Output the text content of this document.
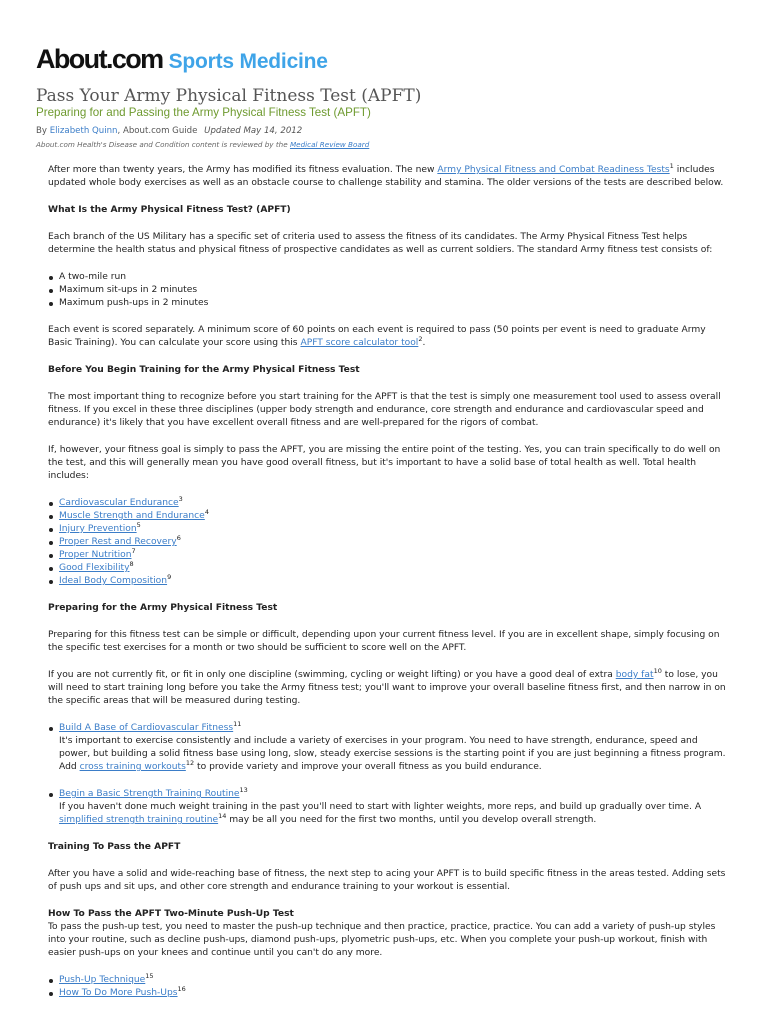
About.com Sports Medicine
Pass Your Army Physical Fitness Test (APFT)
Preparing for and Passing the Army Physical Fitness Test (APFT)
By Elizabeth Quinn, About.com Guide Updated May 14, 2012
About.com Health's Disease and Condition content is reviewed by the Medical Review Board

After more than twenty years, the Army has modified its fitness evaluation. The new Army Physical Fitness and Combat Readiness Tests$^1$ includes updated whole body exercises as well as an obstacle course to challenge stability and stamina. The older versions of the tests are described below.

What Is the Army Physical Fitness Test? (APFT)

Each branch of the US Military has a specific set of criteria used to assess the fitness of its candidates. The Army Physical Fitness Test helps determine the health status and physical fitness of prospective candidates as well as current soldiers. The standard Army fitness test consists of:

A two-mile run
Maximum sit-ups in 2 minutes
Maximum push-ups in 2 minutes

Each event is scored separately. A minimum score of 60 points on each event is required to pass (50 points per event is need to graduate Army Basic Training). You can calculate your score using this APFT score calculator tool$^2$.

Before You Begin Training for the Army Physical Fitness Test

The most important thing to recognize before you start training for the APFT is that the test is simply one measurement tool used to assess overall fitness. If you excel in these three disciplines (upper body strength and endurance, core strength and endurance and cardiovascular speed and endurance) it's likely that you have excellent overall fitness and are well-prepared for the rigors of combat.

If, however, your fitness goal is simply to pass the APFT, you are missing the entire point of the testing. Yes, you can train specifically to do well on the test, and this will generally mean you have good overall fitness, but it's important to have a solid base of total health as well. Total health includes:

Cardiovascular Endurance$^3$
Muscle Strength and Endurance$^4$
Injury Prevention$^5$
Proper Rest and Recovery$^6$
Proper Nutrition$^7$
Good Flexibility$^8$
Ideal Body Composition$^9$
Preparing for the Army Physical Fitness Test

Preparing for this fitness test can be simple or difficult, depending upon your current fitness level. If you are in excellent shape, simply focusing on the specific test exercises for a month or two should be sufficient to score well on the APFT.

If you are not currently fit, or fit in only one discipline (swimming, cycling or weight lifting) or you have a good deal of extra body fat$^{10}$ to lose, you will need to start training long before you take the Army fitness test; you'll want to improve your overall baseline fitness first, and then narrow in on the specific areas that will be measured during testing.

Build A Base of Cardiovascular Fitness$^{11}$
It's important to exercise consistently and include a variety of exercises in your program. You need to have strength, endurance, speed and power, but building a solid fitness base using long, slow, steady exercise sessions is the starting point if you are just beginning a fitness program. Add cross training workouts$^{12}$ to provide variety and improve your overall fitness as you build endurance.
Begin a Basic Strength Training Routine$^{13}$
If you haven't done much weight training in the past you'll need to start with lighter weights, more reps, and build up gradually over time. A simplified strength training routine$^{14}$ may be all you need for the first two months, until you develop overall strength.
Training To Pass the APFT

After you have a solid and wide-reaching base of fitness, the next step to acing your APFT is to build specific fitness in the areas tested. Adding sets of push ups and sit ups, and other core strength and endurance training to your workout is essential.

How To Pass the APFT Two-Minute Push-Up Test

To pass the push-up test, you need to master the push-up technique and then practice, practice, practice. You can add a variety of push-up styles into your routine, such as decline push-ups, diamond push-ups, plyometric push-ups, etc. When you complete your push-up workout, finish with easier push-ups on your knees and continue until you can't do any more.

Push-Up Technique$^{15}$
How To Do More Push-Ups$^{16}$
